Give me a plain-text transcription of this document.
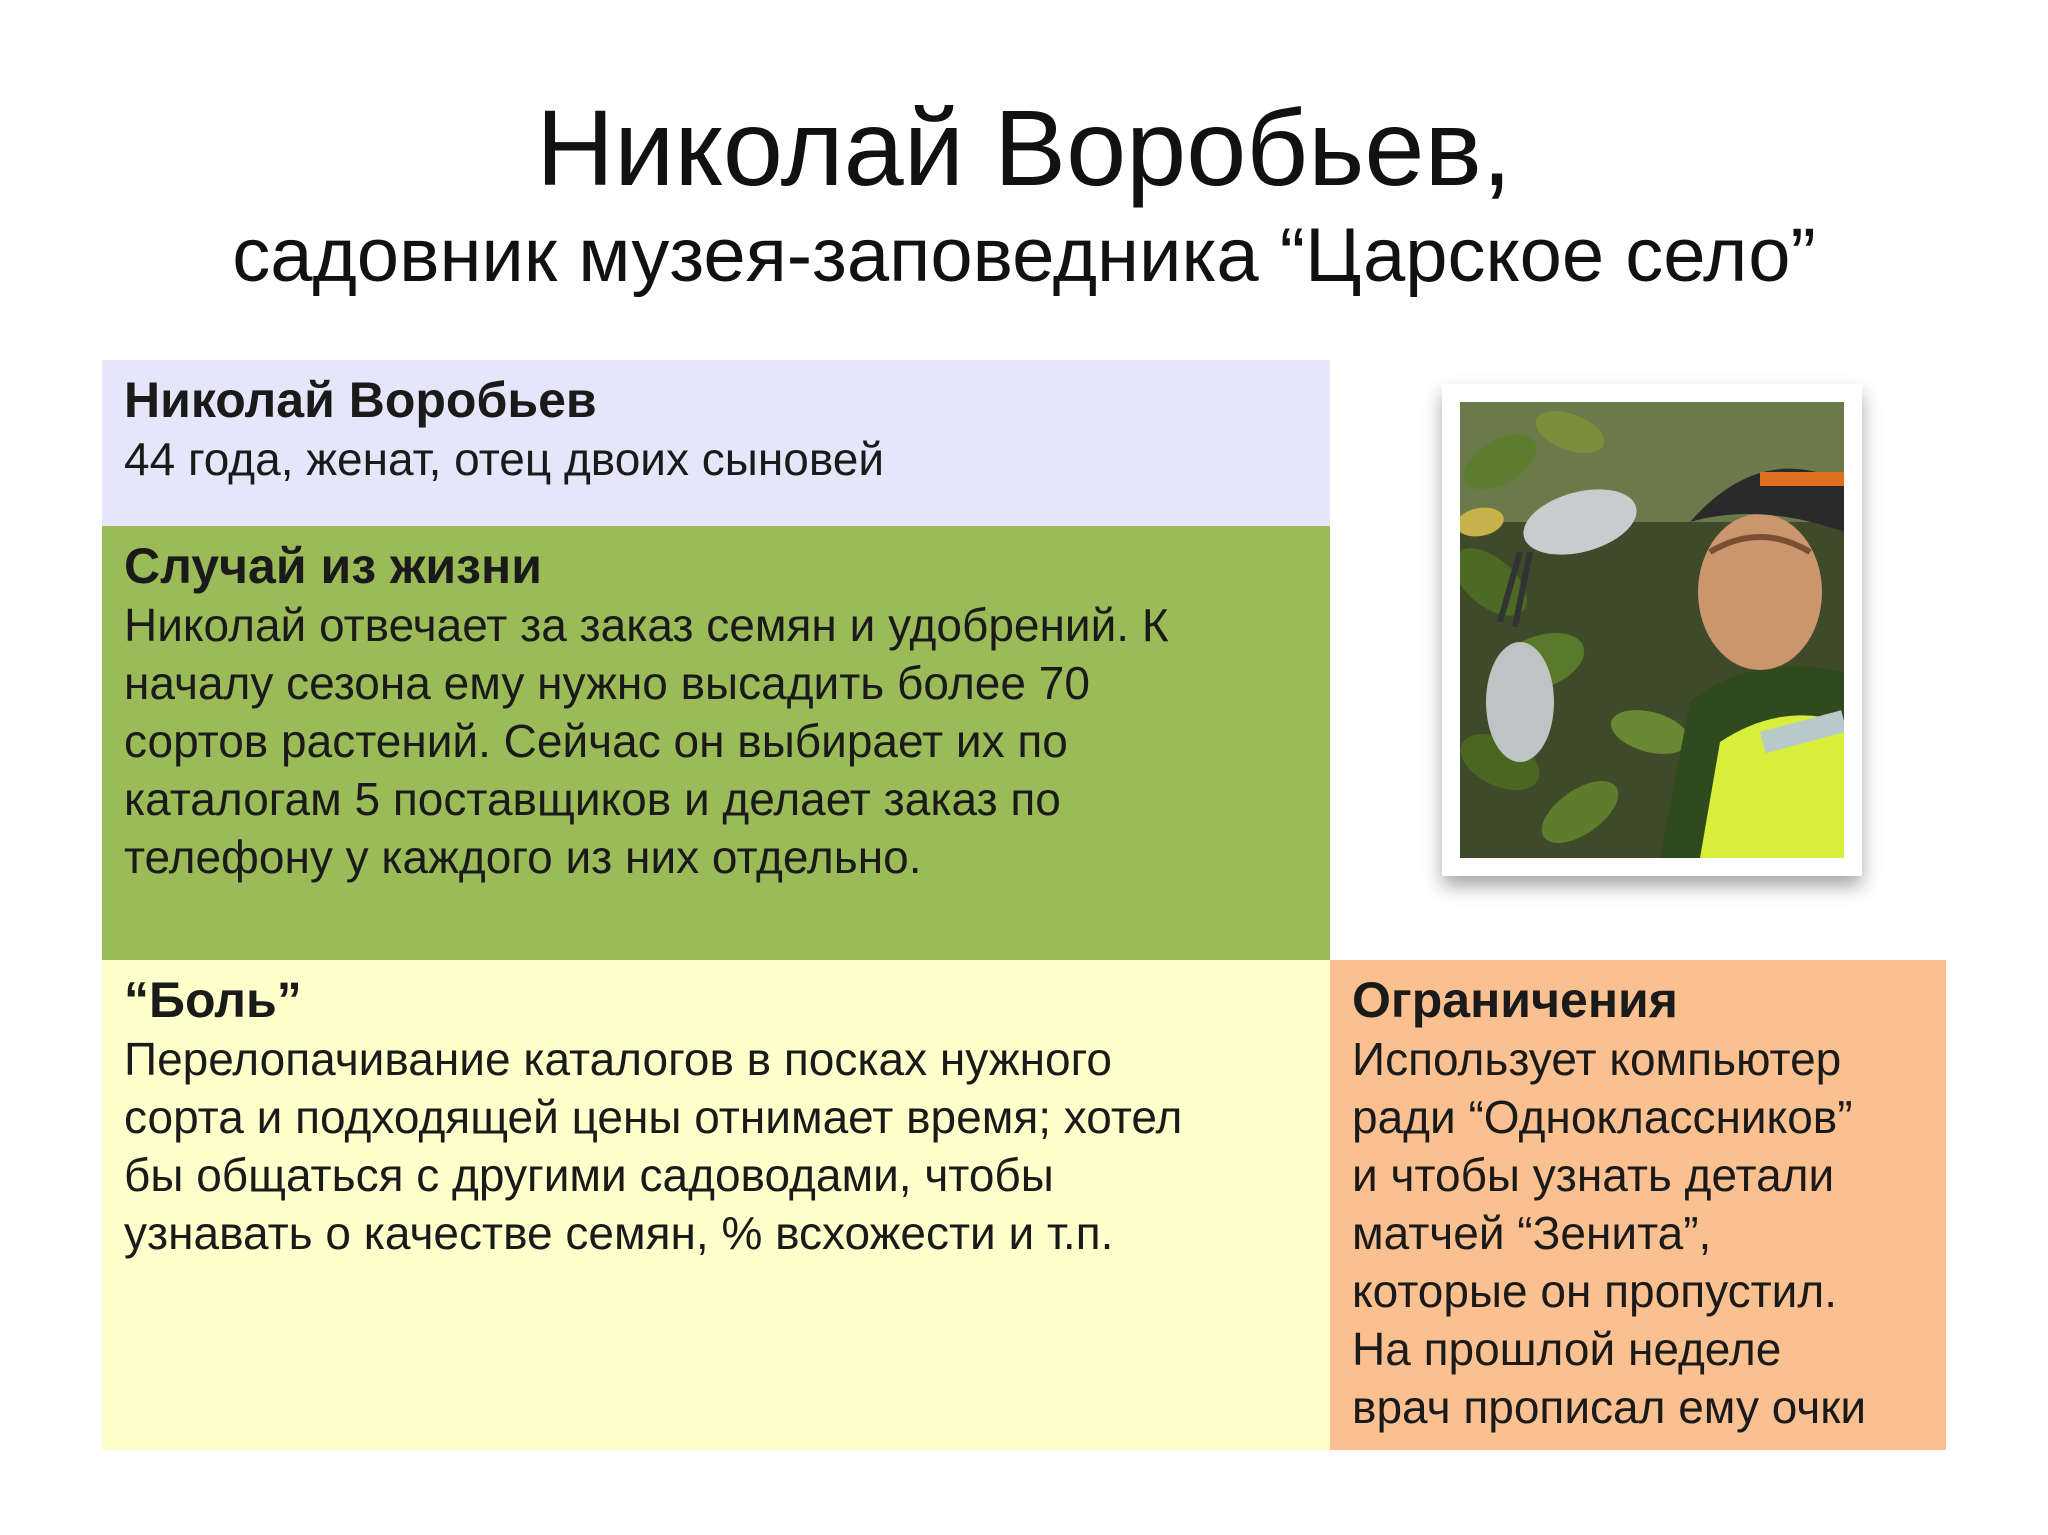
Николай Воробьев,
садовник музея-заповедника “Царское село”
Николай Воробьев

44 года, женат, отец двоих сыновей

Случай из жизни

Николай отвечает за заказ семян и удобрений. К
началу сезона ему нужно высадить более 70
сортов растений. Сейчас он выбирает их по
каталогам 5 поставщиков и делает заказ по
телефону у каждого из них отдельно.

“Боль”

Перелопачивание каталогов в посках нужного
сорта и подходящей цены отнимает время; хотел
бы общаться с другими садоводами, чтобы
узнавать о качестве семян, % всхожести и т.п.

Ограничения

Использует компьютер
ради “Одноклассников”
и чтобы узнать детали
матчей “Зенита”,
которые он пропустил.
На прошлой неделе
врач прописал ему очки
